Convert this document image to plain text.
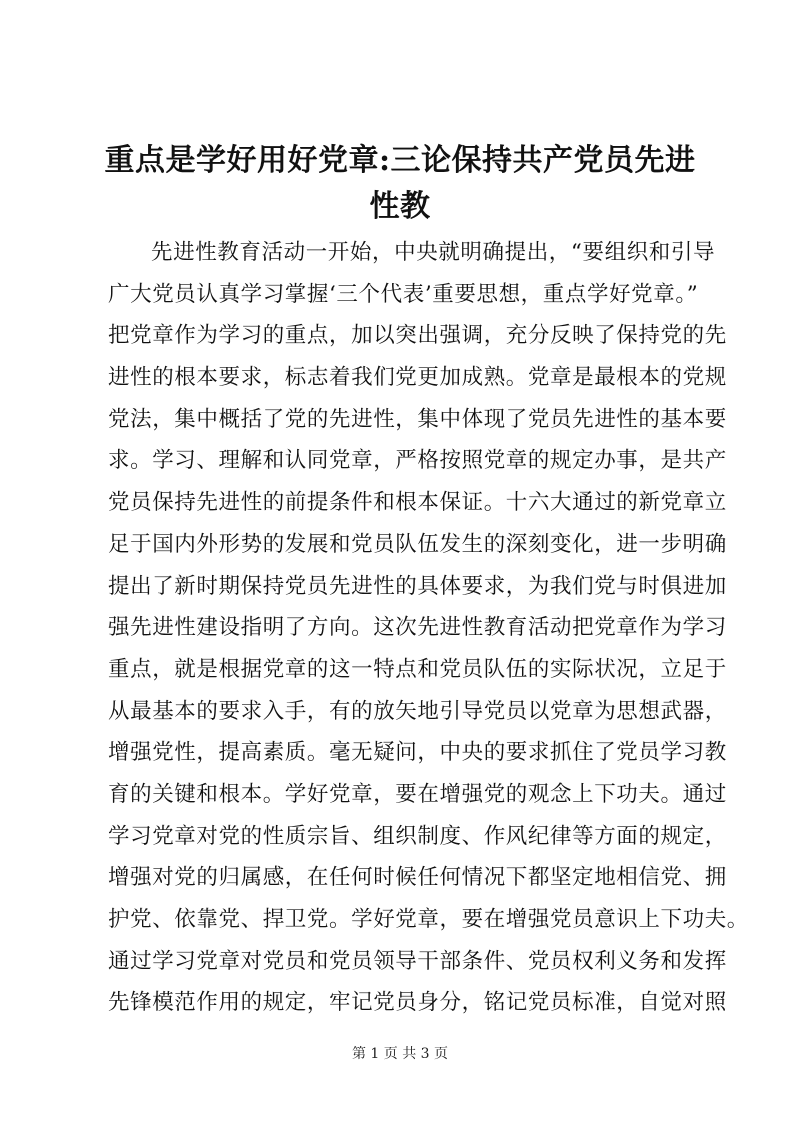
重点是学好用好党章:三论保持共产党员先进
性教
先进性教育活动一开始，中央就明确提出，“要组织和引导
广大党员认真学习掌握‘三个代表’重要思想，重点学好党章。”
把党章作为学习的重点，加以突出强调，充分反映了保持党的先
进性的根本要求，标志着我们党更加成熟。党章是最根本的党规
党法，集中概括了党的先进性，集中体现了党员先进性的基本要
求。学习、理解和认同党章，严格按照党章的规定办事，是共产
党员保持先进性的前提条件和根本保证。十六大通过的新党章立
足于国内外形势的发展和党员队伍发生的深刻变化，进一步明确
提出了新时期保持党员先进性的具体要求，为我们党与时俱进加
强先进性建设指明了方向。这次先进性教育活动把党章作为学习
重点，就是根据党章的这一特点和党员队伍的实际状况，立足于
从最基本的要求入手，有的放矢地引导党员以党章为思想武器，
增强党性，提高素质。毫无疑问，中央的要求抓住了党员学习教
育的关键和根本。学好党章，要在增强党的观念上下功夫。通过
学习党章对党的性质宗旨、组织制度、作风纪律等方面的规定，
增强对党的归属感，在任何时候任何情况下都坚定地相信党、拥
护党、依靠党、捍卫党。学好党章，要在增强党员意识上下功夫。
通过学习党章对党员和党员领导干部条件、党员权利义务和发挥
先锋模范作用的规定，牢记党员身分，铭记党员标准，自觉对照
第 1 页 共 3 页
